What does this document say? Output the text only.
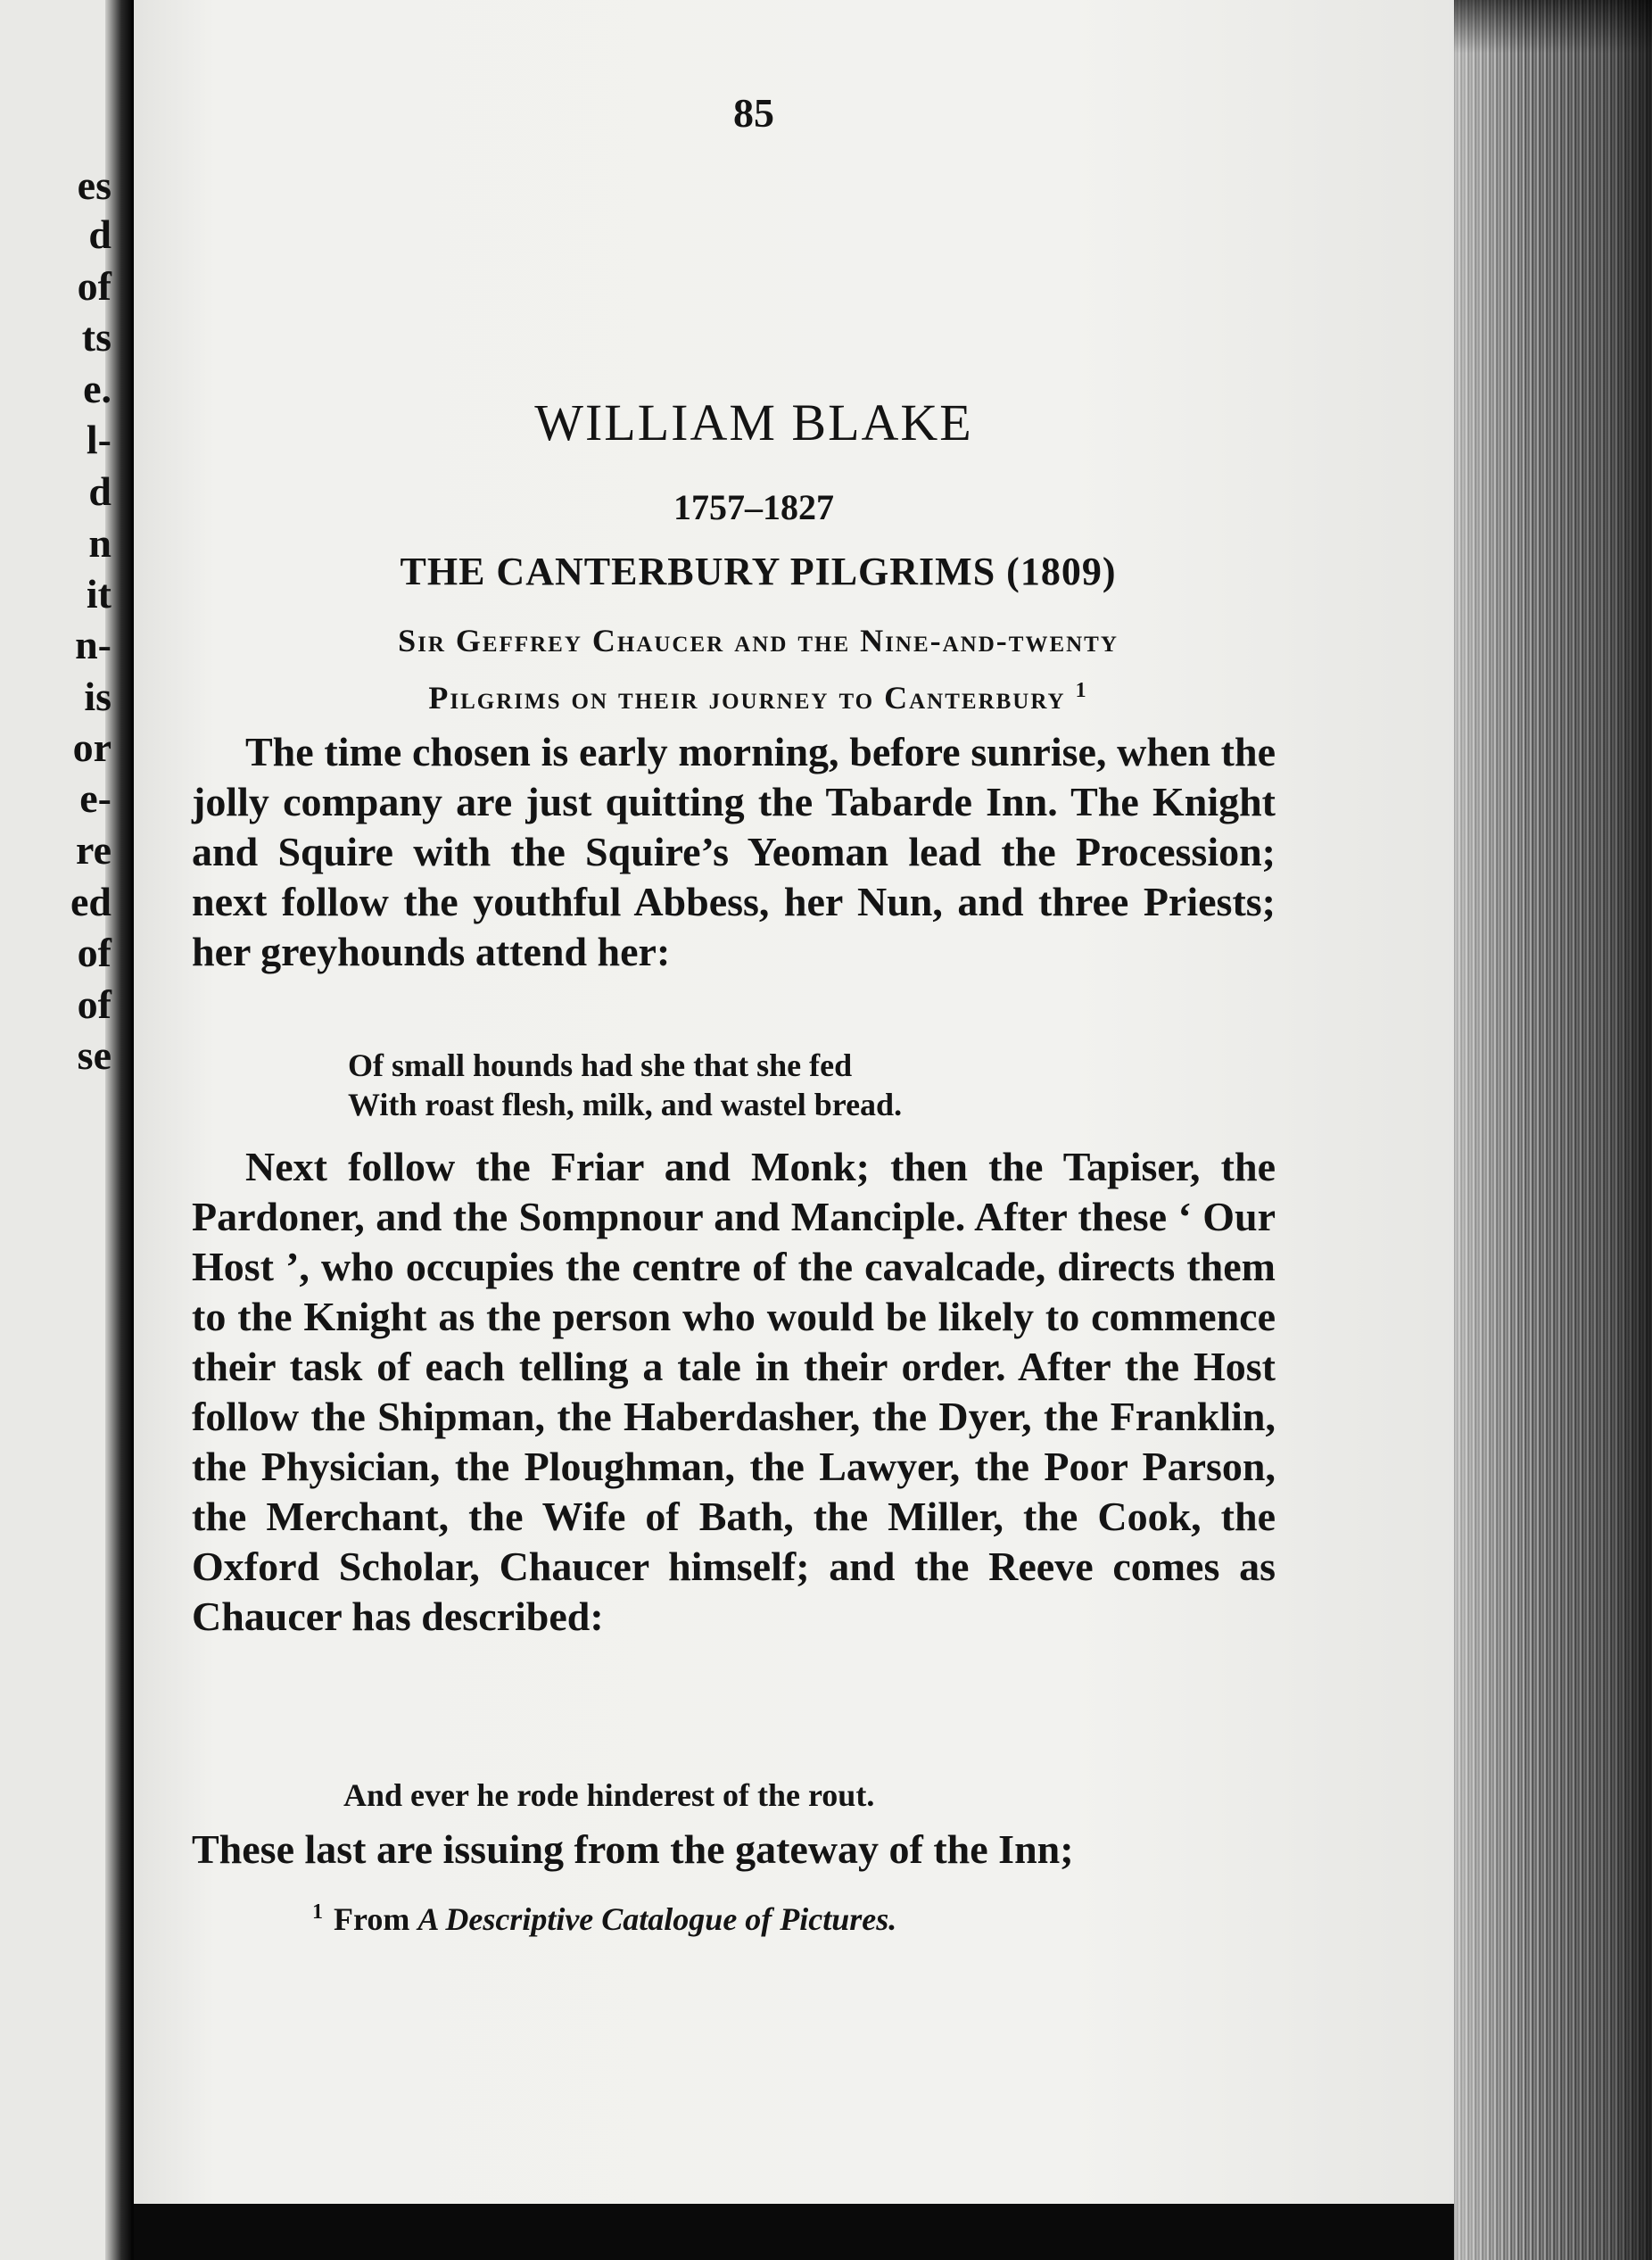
es
d
of
ts
e.
l-
d
n
it
n-
is
or
e-
re
ed
of
of
se
85
WILLIAM BLAKE
1757–1827
THE CANTERBURY PILGRIMS (1809)
Sir Geffrey Chaucer and the Nine-and-twenty
Pilgrims on their journey to Canterbury $^1$
The time chosen is early morning, before sunrise, when the jolly company are just quitting the Tabarde Inn. The Knight and Squire with the Squire’s Yeoman lead the Procession; next follow the youthful Abbess, her Nun, and three Priests; her greyhounds attend her:
Of small hounds had she that she fed
With roast flesh, milk, and wastel bread.
Next follow the Friar and Monk; then the Tapiser, the Pardoner, and the Sompnour and Manciple. After these ‘ Our Host ’, who occupies the centre of the cavalcade, directs them to the Knight as the person who would be likely to commence their task of each telling a tale in their order. After the Host follow the Shipman, the Haberdasher, the Dyer, the Franklin, the Physician, the Ploughman, the Lawyer, the Poor Parson, the Merchant, the Wife of Bath, the Miller, the Cook, the Oxford Scholar, Chaucer himself; and the Reeve comes as Chaucer has described:
And ever he rode hinderest of the rout.
These last are issuing from the gateway of the Inn;
$^1$ From A Descriptive Catalogue of Pictures.
